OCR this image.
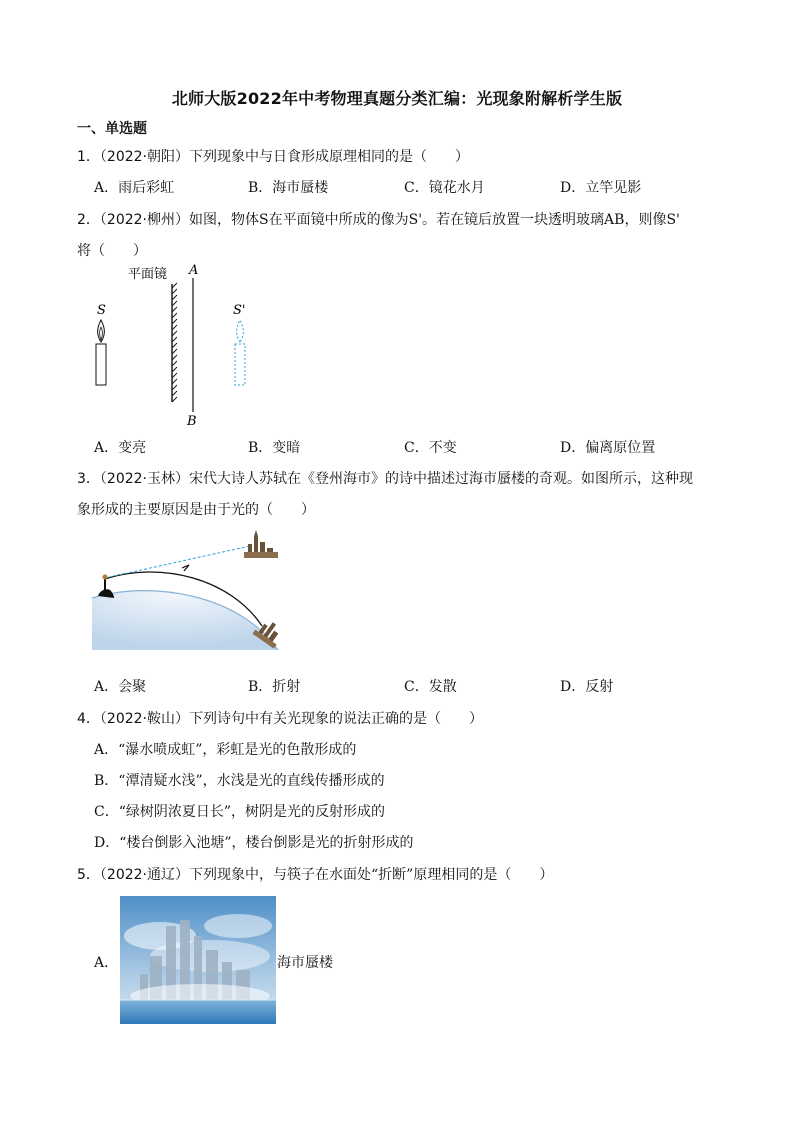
北师大版2022年中考物理真题分类汇编：光现象附解析学生版
一、单选题
1．（2022·朝阳）下列现象中与日食形成原理相同的是（　　）
A．雨后彩虹	B．海市蜃楼	C．镜花水月	D．立竿见影
2．（2022·柳州）如图，物体S在平面镜中所成的像为S'。若在镜后放置一块透明玻璃AB，则像S'
将（　　）
平面镜 A
B
S	S'
A．变亮	B．变暗	C．不变	D．偏离原位置
3．（2022·玉林）宋代大诗人苏轼在《登州海市》的诗中描述过海市蜃楼的奇观。如图所示，这种现
象形成的主要原因是由于光的（　　）
A．会聚	B．折射	C．发散	D．反射
4．（2022·鞍山）下列诗句中有关光现象的说法正确的是（　　）
A．“瀑水喷成虹”，彩虹是光的色散形成的
B．“潭清疑水浅”，水浅是光的直线传播形成的
C．“绿树阴浓夏日长”，树阴是光的反射形成的
D．“楼台倒影入池塘”，楼台倒影是光的折射形成的
5．（2022·通辽）下列现象中，与筷子在水面处“折断”原理相同的是（　　）
A．	海市蜃楼
